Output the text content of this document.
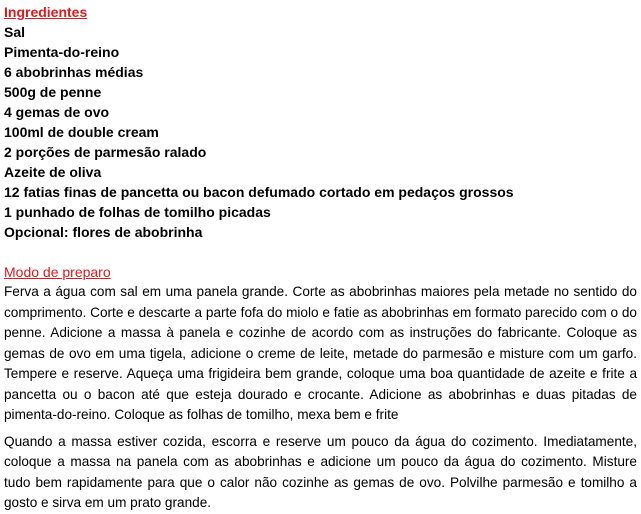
Ingredientes
Sal
Pimenta-do-reino
6 abobrinhas médias
500g de penne
4 gemas de ovo
100ml de double cream
2 porções de parmesão ralado
Azeite de oliva
12 fatias finas de pancetta ou bacon defumado cortado em pedaços grossos
1 punhado de folhas de tomilho picadas
Opcional: flores de abobrinha
Modo de preparo

Ferva a água com sal em uma panela grande. Corte as abobrinhas maiores pela metade no sentido do comprimento. Corte e descarte a parte fofa do miolo e fatie as abobrinhas em formato parecido com o do penne. Adicione a massa à panela e cozinhe de acordo com as instruções do fabricante. Coloque as gemas de ovo em uma tigela, adicione o creme de leite, metade do parmesão e misture com um garfo. Tempere e reserve. Aqueça uma frigideira bem grande, coloque uma boa quantidade de azeite e frite a pancetta ou o bacon até que esteja dourado e crocante. Adicione as abobrinhas e duas pitadas de pimenta-do-reino. Coloque as folhas de tomilho, mexa bem e frite

Quando a massa estiver cozida, escorra e reserve um pouco da água do cozimento. Imediatamente, coloque a massa na panela com as abobrinhas e adicione um pouco da água do cozimento. Misture tudo bem rapidamente para que o calor não cozinhe as gemas de ovo. Polvilhe parmesão e tomilho a gosto e sirva em um prato grande.
